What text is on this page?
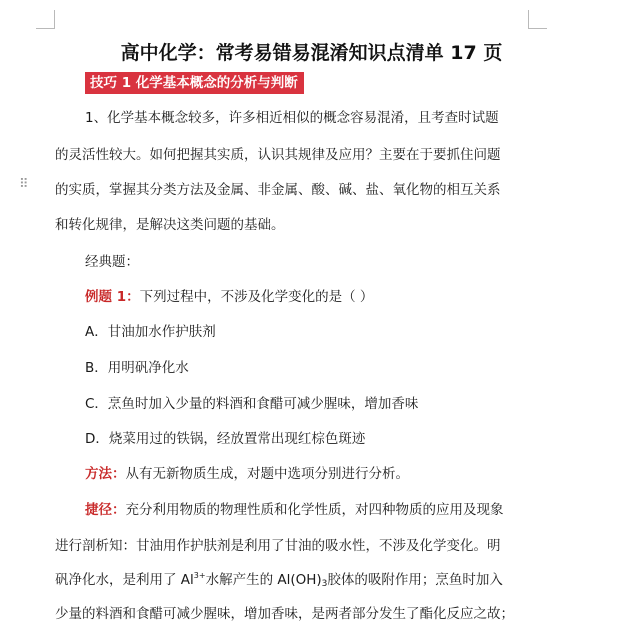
⠿
高中化学：常考易错易混淆知识点清单 17 页
技巧 1 化学基本概念的分析与判断
1、化学基本概念较多，许多相近相似的概念容易混淆，且考查时试题
的灵活性较大。如何把握其实质，认识其规律及应用？主要在于要抓住问题
的实质，掌握其分类方法及金属、非金属、酸、碱、盐、氧化物的相互关系
和转化规律，是解决这类问题的基础。
经典题：
例题 1：下列过程中，不涉及化学变化的是（ ）
A．甘油加水作护肤剂
B．用明矾净化水
C．烹鱼时加入少量的料酒和食醋可减少腥味，增加香味
D．烧菜用过的铁锅，经放置常出现红棕色斑迹
方法：从有无新物质生成，对题中选项分别进行分析。
捷径：充分利用物质的物理性质和化学性质，对四种物质的应用及现象
进行剖析知：甘油用作护肤剂是利用了甘油的吸水性，不涉及化学变化。明
矾净化水，是利用了 $Al^{3+}$水解产生的 $Al(OH)_3$胶体的吸附作用；烹鱼时加入
少量的料酒和食醋可减少腥味，增加香味，是两者部分发生了酯化反应之故；
